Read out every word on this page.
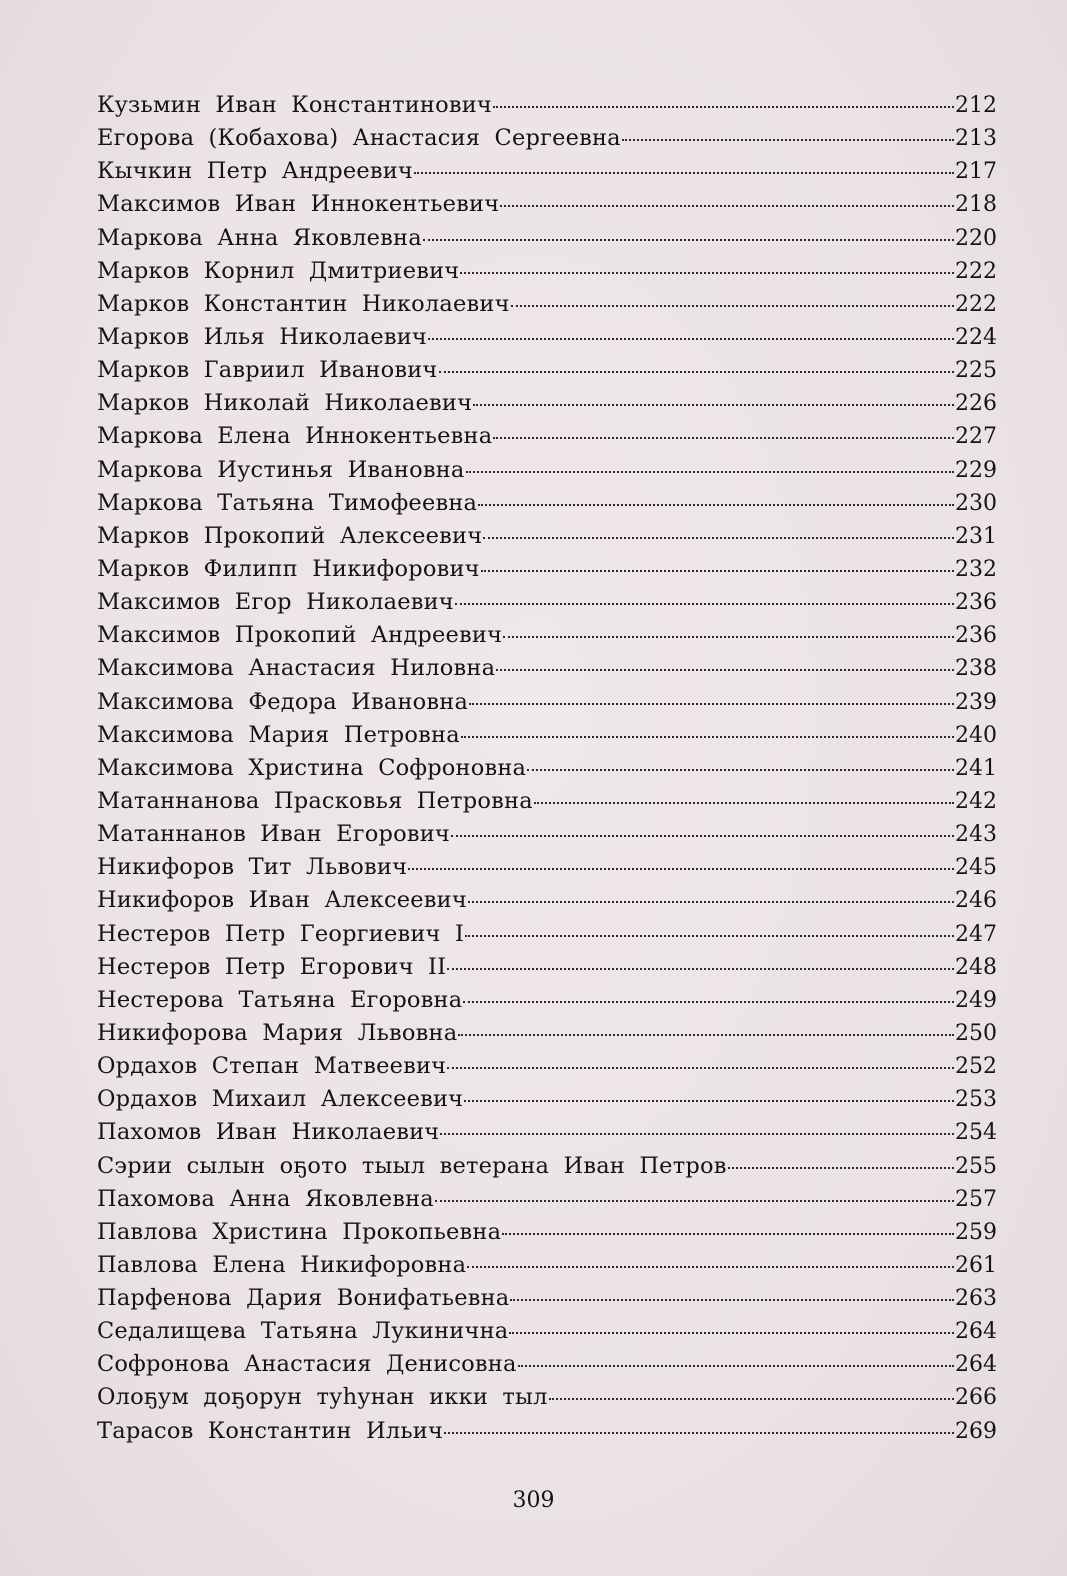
Кузьмин Иван Константинович	212
Егорова (Кобахова) Анастасия Сергеевна	213
Кычкин Петр Андреевич	217
Максимов Иван Иннокентьевич	218
Маркова Анна Яковлевна	220
Марков Корнил Дмитриевич	222
Марков Константин Николаевич	222
Марков Илья Николаевич	224
Марков Гавриил Иванович	225
Марков Николай Николаевич	226
Маркова Елена Иннокентьевна	227
Маркова Иустинья Ивановна	229
Маркова Татьяна Тимофеевна	230
Марков Прокопий Алексеевич	231
Марков Филипп Никифорович	232
Максимов Егор Николаевич	236
Максимов Прокопий Андреевич	236
Максимова Анастасия Ниловна	238
Максимова Федора Ивановна	239
Максимова Мария Петровна	240
Максимова Христина Софроновна	241
Матаннанова Прасковья Петровна	242
Матаннанов Иван Егорович	243
Никифоров Тит Львович	245
Никифоров Иван Алексеевич	246
Нестеров Петр Георгиевич I	247
Нестеров Петр Егорович II	248
Нестерова Татьяна Егоровна	249
Никифорова Мария Львовна	250
Ордахов Степан Матвеевич	252
Ордахов Михаил Алексеевич	253
Пахомов Иван Николаевич	254
Сэрии сылын оҕото тыыл ветерана Иван Петров	255
Пахомова Анна Яковлевна	257
Павлова Христина Прокопьевна	259
Павлова Елена Никифоровна	261
Парфенова Дария Вонифатьевна	263
Седалищева Татьяна Лукинична	264
Софронова Анастасия Денисовна	264
Олоҕум доҕорун туһунан икки тыл	266
Тарасов Константин Ильич	269
309
